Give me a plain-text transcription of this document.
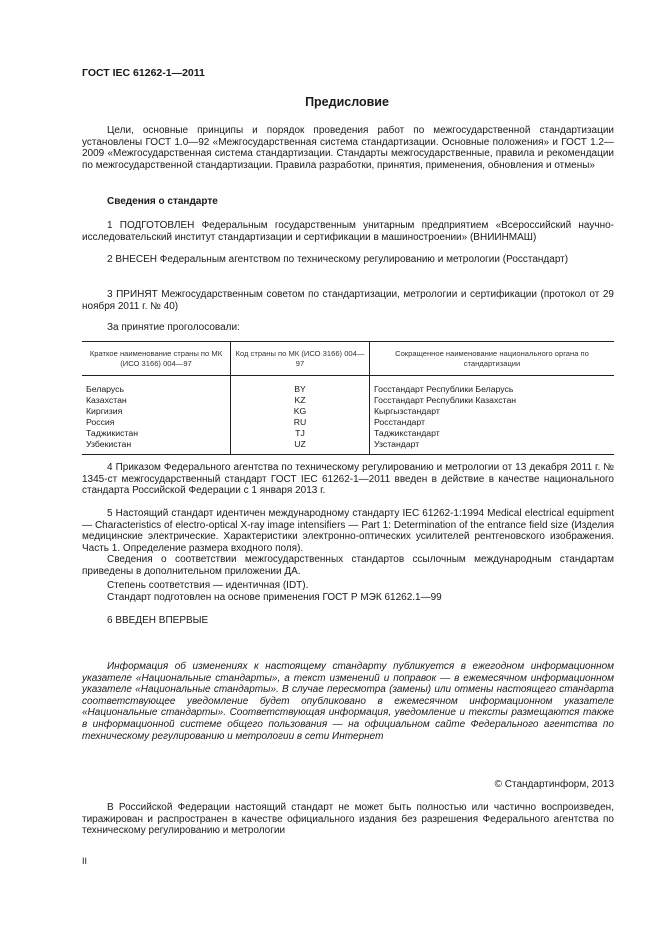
ГОСТ IEC 61262-1—2011
Предисловие
Цели, основные принципы и порядок проведения работ по межгосударственной стандартизации установлены ГОСТ 1.0—92 «Межгосударственная система стандартизации. Основные положения» и ГОСТ 1.2—2009 «Межгосударственная система стандартизации. Стандарты межгосударственные, правила и рекомендации по межгосударственной стандартизации. Правила разработки, принятия, применения, обновления и отмены»
Сведения о стандарте
1 ПОДГОТОВЛЕН Федеральным государственным унитарным предприятием «Всероссийский научно-исследовательский институт стандартизации и сертификации в машиностроении» (ВНИИНМАШ)
2 ВНЕСЕН Федеральным агентством по техническому регулированию и метрологии (Росстандарт)
3 ПРИНЯТ Межгосударственным советом по стандартизации, метрологии и сертификации (протокол от 29 ноября 2011 г. № 40)
За принятие проголосовали:
Краткое наименование страны по МК (ИСО 3166) 004—97	Код страны по МК (ИСО 3166) 004—97	Сокращенное наименование национального органа по стандартизации
Беларусь	BY	Госстандарт Республики Беларусь
Казахстан	KZ	Госстандарт Республики Казахстан
Киргизия	KG	Кыргызстандарт
Россия	RU	Росстандарт
Таджикистан	TJ	Таджикстандарт
Узбекистан	UZ	Узстандарт
4 Приказом Федерального агентства по техническому регулированию и метрологии от 13 декабря 2011 г. № 1345-ст межгосударственный стандарт ГОСТ IEC 61262-1—2011 введен в действие в качестве национального стандарта Российской Федерации с 1 января 2013 г.
5 Настоящий стандарт идентичен международному стандарту IEC 61262-1:1994 Medical electrical equipment — Characteristics of electro-optical X-ray image intensifiers — Part 1: Determination of the entrance field size (Изделия медицинские электрические. Характеристики электронно-оптических усилителей рентгеновского изображения. Часть 1. Определение размера входного поля).
Сведения о соответствии межгосударственных стандартов ссылочным международным стандартам приведены в дополнительном приложении ДА.
Степень соответствия — идентичная (IDT).
Стандарт подготовлен на основе применения ГОСТ Р МЭК 61262.1—99
6 ВВЕДЕН ВПЕРВЫЕ
Информация об изменениях к настоящему стандарту публикуется в ежегодном информационном указателе «Национальные стандарты», а текст изменений и поправок — в ежемесячном информационном указателе «Национальные стандарты». В случае пересмотра (замены) или отмены настоящего стандарта соответствующее уведомление будет опубликовано в ежемесячном информационном указателе «Национальные стандарты». Соответствующая информация, уведомление и тексты размещаются также в информационной системе общего пользования — на официальном сайте Федерального агентства по техническому регулированию и метрологии в сети Интернет
© Стандартинформ, 2013
В Российской Федерации настоящий стандарт не может быть полностью или частично воспроизведен, тиражирован и распространен в качестве официального издания без разрешения Федерального агентства по техническому регулированию и метрологии
II
